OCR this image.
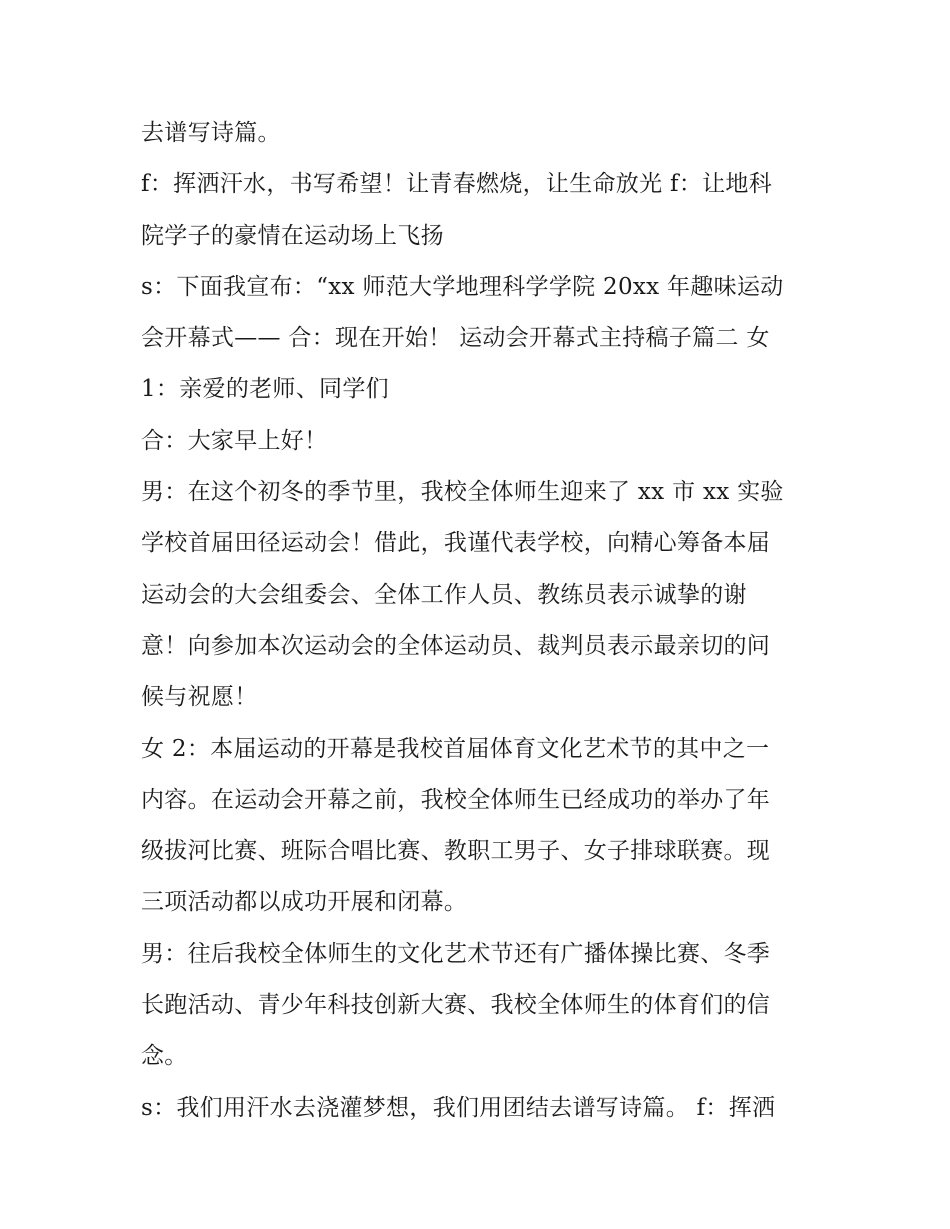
去谱写诗篇。
f：挥洒汗水，书写希望！让青春燃烧，让生命放光 f：让地科
院学子的豪情在运动场上飞扬
s：下面我宣布：“xx 师范大学地理科学学院 20xx 年趣味运动
会开幕式—— 合：现在开始！ 运动会开幕式主持稿子篇二 女
1：亲爱的老师、同学们
合：大家早上好！
男：在这个初冬的季节里，我校全体师生迎来了 xx 市 xx 实验
学校首届田径运动会！借此，我谨代表学校，向精心筹备本届
运动会的大会组委会、全体工作人员、教练员表示诚挚的谢
意！向参加本次运动会的全体运动员、裁判员表示最亲切的问
候与祝愿！
女 2：本届运动的开幕是我校首届体育文化艺术节的其中之一
内容。在运动会开幕之前，我校全体师生已经成功的举办了年
级拔河比赛、班际合唱比赛、教职工男子、女子排球联赛。现
三项活动都以成功开展和闭幕。
男：往后我校全体师生的文化艺术节还有广播体操比赛、冬季
长跑活动、青少年科技创新大赛、我校全体师生的体育们的信
念。
s：我们用汗水去浇灌梦想，我们用团结去谱写诗篇。 f：挥洒
